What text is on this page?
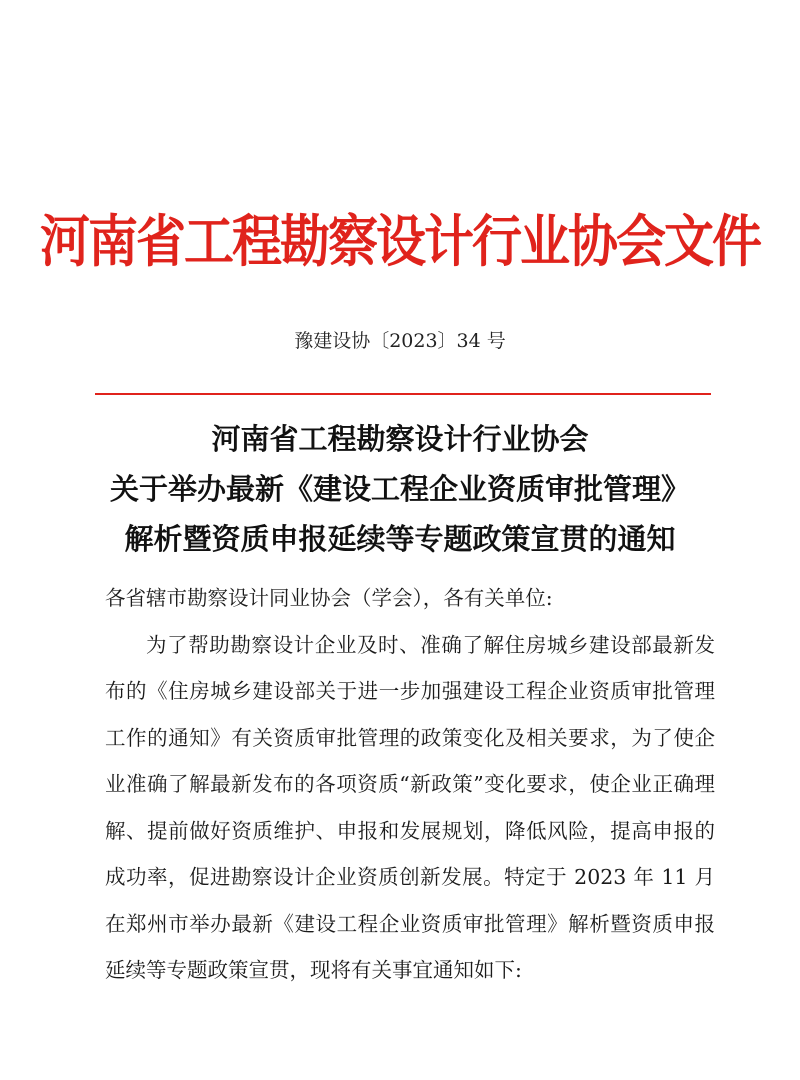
河南省工程勘察设计行业协会文件
豫建设协〔2023〕34 号
河南省工程勘察设计行业协会
关于举办最新《建设工程企业资质审批管理》
解析暨资质申报延续等专题政策宣贯的通知

各省辖市勘察设计同业协会（学会），各有关单位:

为了帮助勘察设计企业及时、准确了解住房城乡建设部最新发布的《住房城乡建设部关于进一步加强建设工程企业资质审批管理工作的通知》有关资质审批管理的政策变化及相关要求，为了使企业准确了解最新发布的各项资质“新政策”变化要求，使企业正确理解、提前做好资质维护、申报和发展规划，降低风险，提高申报的成功率，促进勘察设计企业资质创新发展。特定于 2023 年 11 月在郑州市举办最新《建设工程企业资质审批管理》解析暨资质申报延续等专题政策宣贯，现将有关事宜通知如下:
